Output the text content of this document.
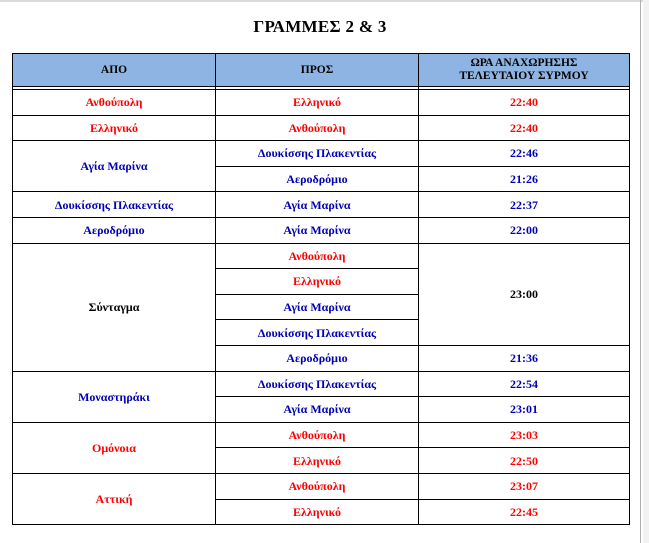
ΓΡΑΜΜΕΣ 2 & 3
ΑΠΟ	ΠΡΟΣ	ΩΡΑ ΑΝΑΧΩΡΗΣΗΣ
ΤΕΛΕΥΤΑΙΟΥ ΣΥΡΜΟΥ

Ανθούπολη	Ελληνικό	22:40
Ελληνικό	Ανθούπολη	22:40
Αγία Μαρίνα	Δουκίσσης Πλακεντίας	22:46
	Αεροδρόμιο	21:26
Δουκίσσης Πλακεντίας	Αγία Μαρίνα	22:37
Αεροδρόμιο	Αγία Μαρίνα	22:00
Σύνταγμα	Ανθούπολη	23:00
	Ελληνικό	
	Αγία Μαρίνα	
	Δουκίσσης Πλακεντίας	
	Αεροδρόμιο	21:36
Μοναστηράκι	Δουκίσσης Πλακεντίας	22:54
	Αγία Μαρίνα	23:01
Ομόνοια	Ανθούπολη	23:03
	Ελληνικό	22:50
Αττική	Ανθούπολη	23:07
	Ελληνικό	22:45
